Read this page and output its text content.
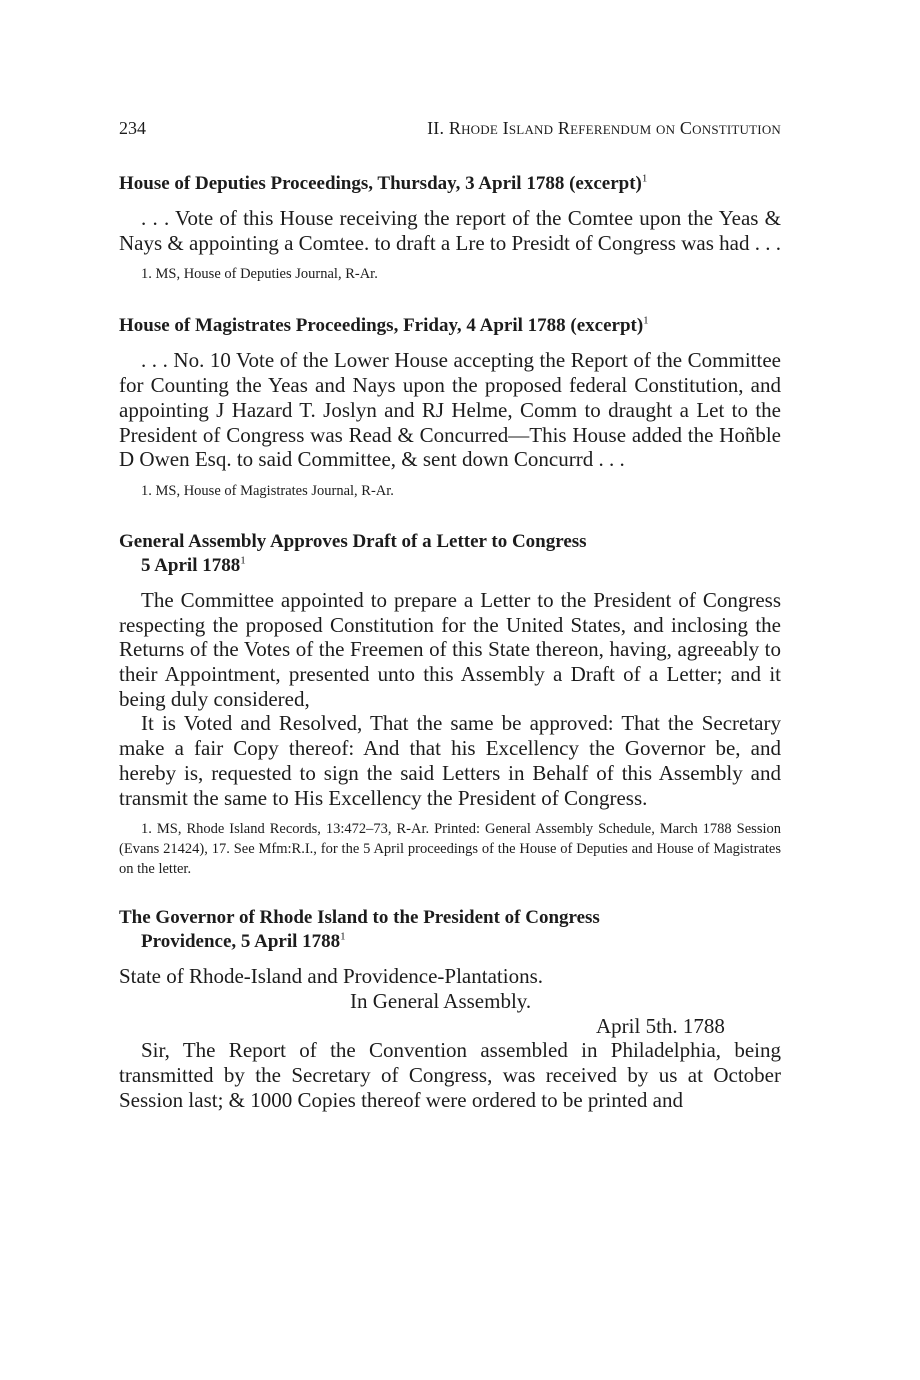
234	II. Rhode Island Referendum on Constitution
House of Deputies Proceedings, Thursday, 3 April 1788 (excerpt)$^1$

. . . Vote of this House receiving the report of the Comtee upon the Yeas & Nays & appointing a Comtee. to draft a Lre to Presidt of Congress was had . . .

1. MS, House of Deputies Journal, R-Ar.

House of Magistrates Proceedings, Friday, 4 April 1788 (excerpt)$^1$

. . . No. 10 Vote of the Lower House accepting the Report of the Committee for Counting the Yeas and Nays upon the proposed federal Constitution, and appointing J Hazard T. Joslyn and RJ Helme, Comm to draught a Let to the President of Congress was Read & Concurred—This House added the Hoñble D Owen Esq. to said Committee, & sent down Concurrd . . .

1. MS, House of Magistrates Journal, R-Ar.

General Assembly Approves Draft of a Letter to Congress
5 April 1788$^1$

The Committee appointed to prepare a Letter to the President of Congress respecting the proposed Constitution for the United States, and inclosing the Returns of the Votes of the Freemen of this State thereon, having, agreeably to their Appointment, presented unto this Assembly a Draft of a Letter; and it being duly considered,

It is Voted and Resolved, That the same be approved: That the Secretary make a fair Copy thereof: And that his Excellency the Governor be, and hereby is, requested to sign the said Letters in Behalf of this Assembly and transmit the same to His Excellency the President of Congress.

1. MS, Rhode Island Records, 13:472–73, R-Ar. Printed: General Assembly Schedule, March 1788 Session (Evans 21424), 17. See Mfm:R.I., for the 5 April proceedings of the House of Deputies and House of Magistrates on the letter.

The Governor of Rhode Island to the President of Congress
Providence, 5 April 1788$^1$
State of Rhode-Island and Providence-Plantations.
In General Assembly.
April 5th. 1788

Sir, The Report of the Convention assembled in Philadelphia, being transmitted by the Secretary of Congress, was received by us at October Session last; & 1000 Copies thereof were ordered to be printed and
